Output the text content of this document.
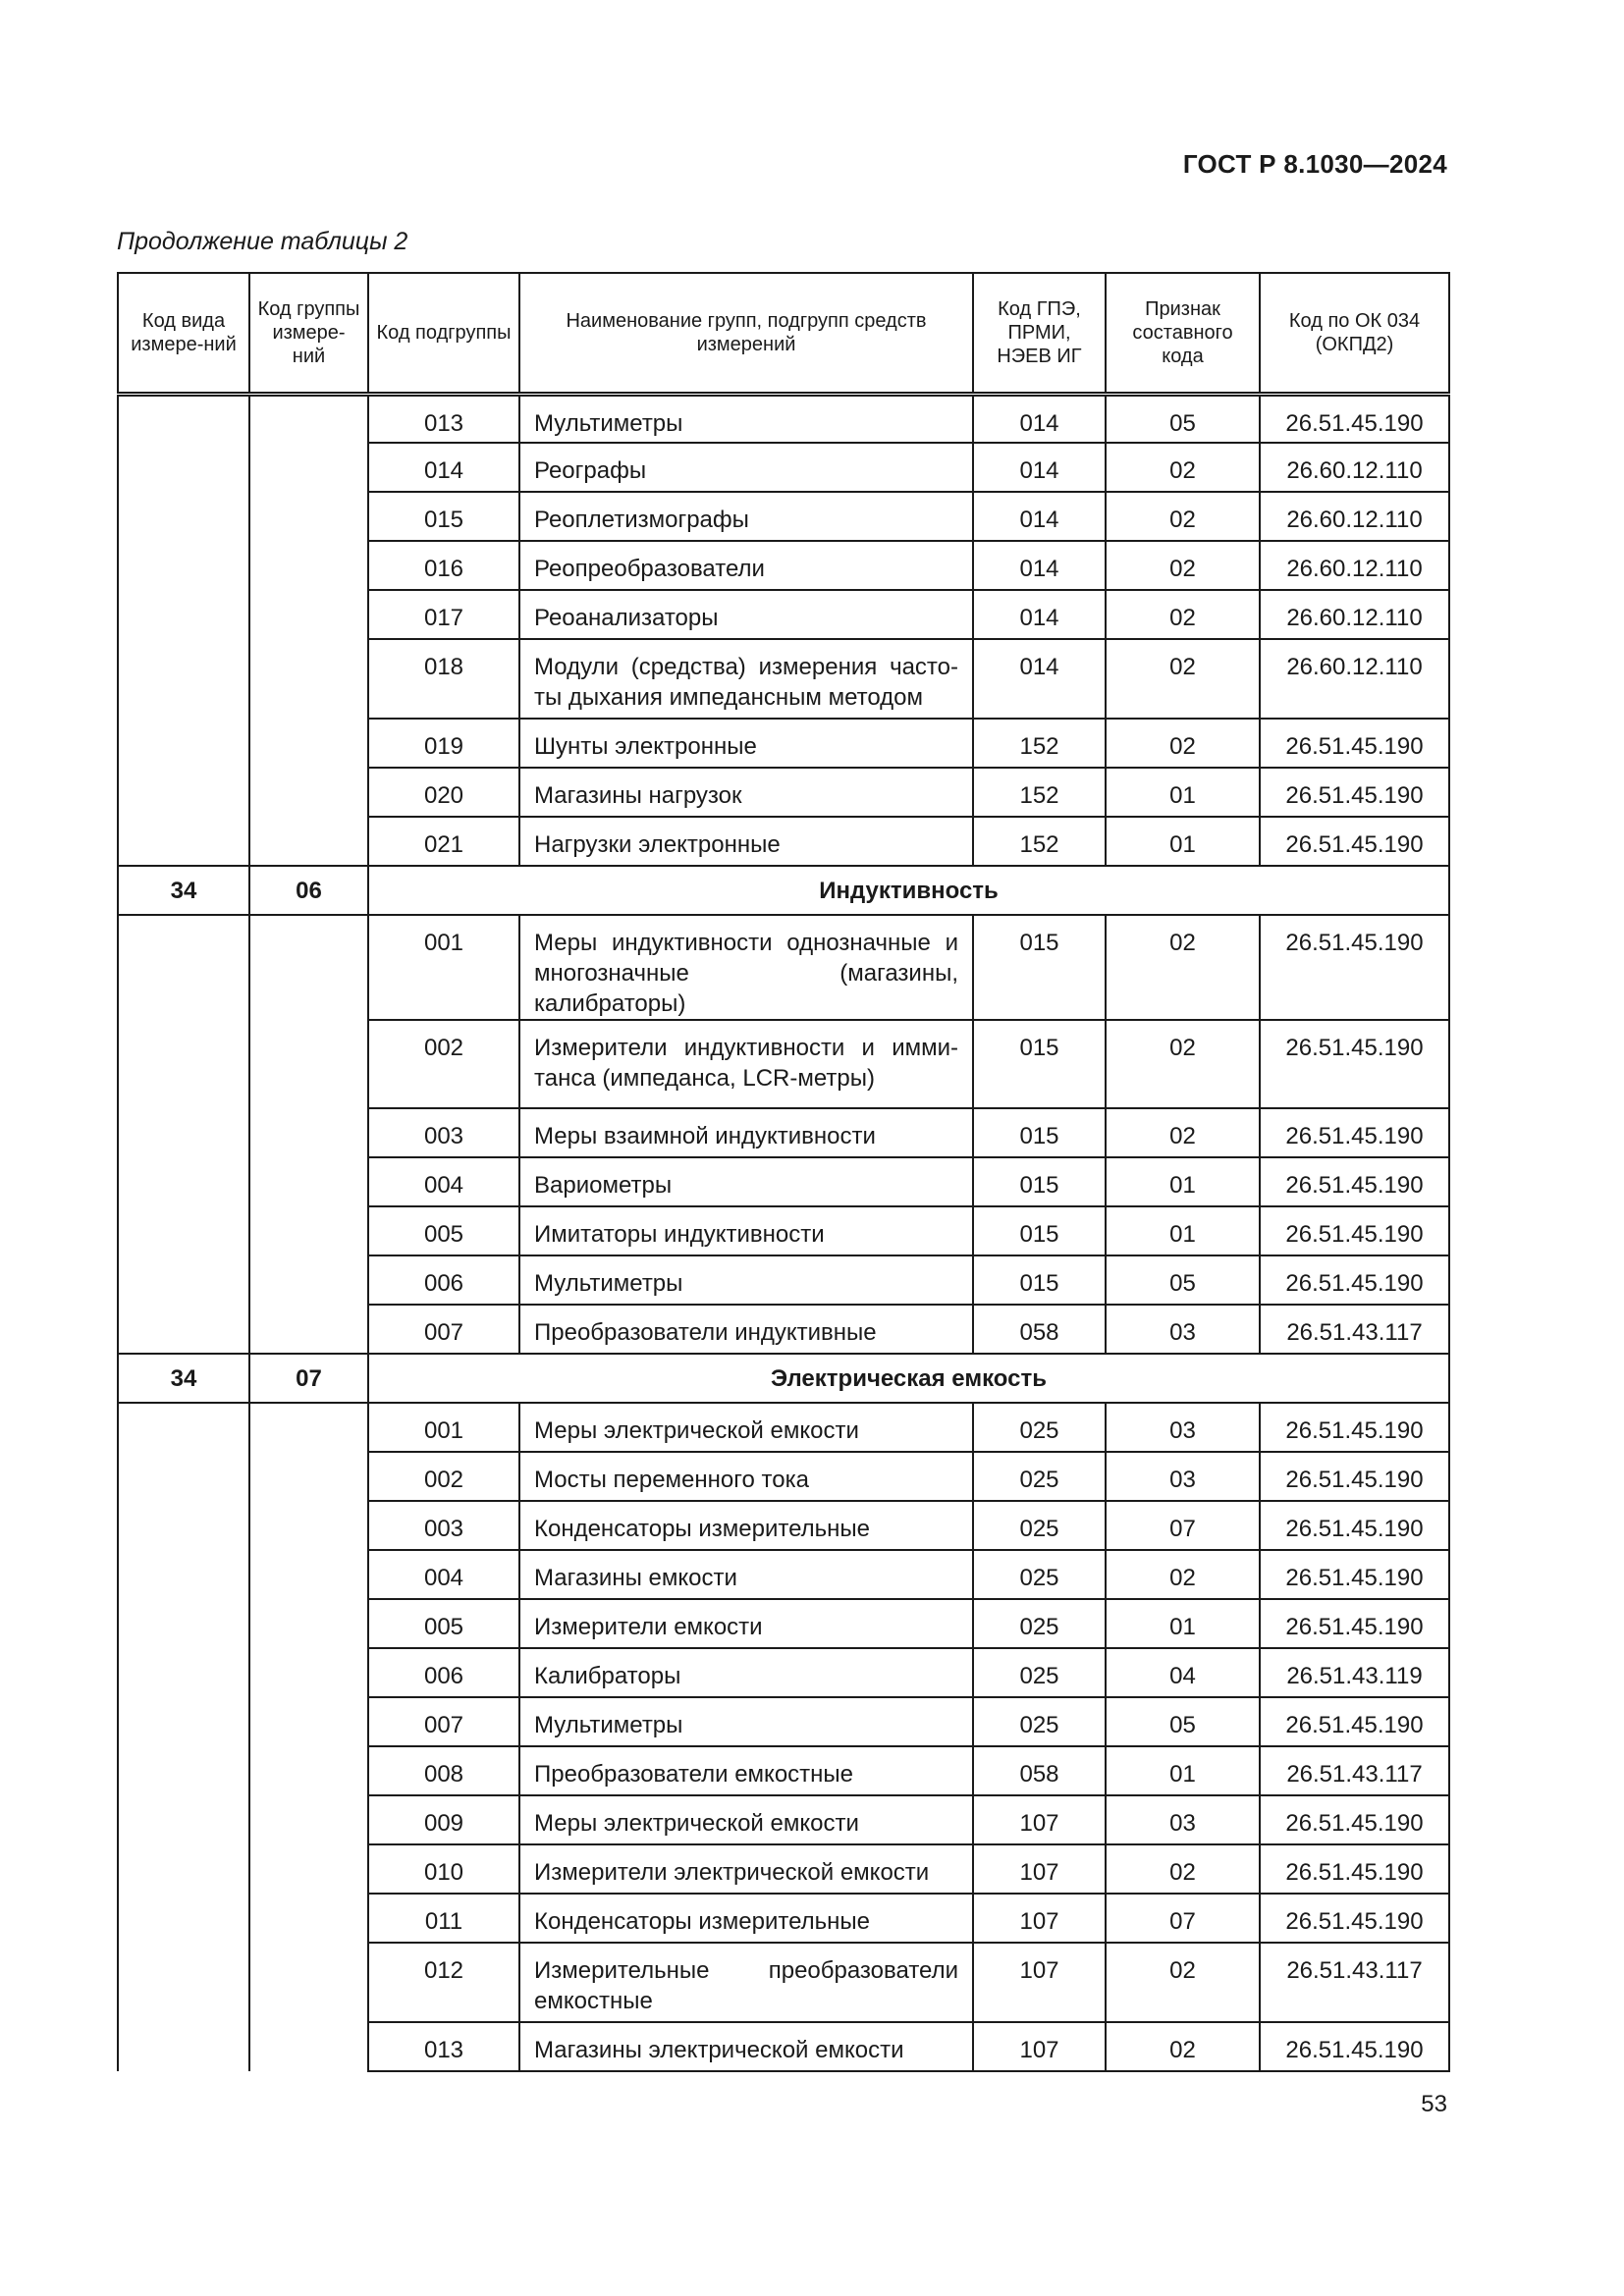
ГОСТ Р 8.1030—2024
Продолжение таблицы 2
Код вида измере-ний	Код группы измере-ний	Код подгруппы	Наименование групп, подгрупп средств измерений	Код ГПЭ, ПРМИ, НЭЕВ ИГ	Признак составного кода	Код по ОК 034 (ОКПД2)
		013	Мультиметры	014	05	26.51.45.190
		014	Реографы	014	02	26.60.12.110
		015	Реоплетизмографы	014	02	26.60.12.110
		016	Реопреобразователи	014	02	26.60.12.110
		017	Реоанализаторы	014	02	26.60.12.110
		018	Модули (средства) измерения часто-ты дыхания импедансным методом	014	02	26.60.12.110
		019	Шунты электронные	152	02	26.51.45.190
		020	Магазины нагрузок	152	01	26.51.45.190
		021	Нагрузки электронные	152	01	26.51.45.190
34	06	Индуктивность				
		001	Меры индуктивности однозначные и многозначные (магазины, калибраторы)	015	02	26.51.45.190
		002	Измерители индуктивности и имми-танса (импеданса, LCR-метры)	015	02	26.51.45.190
		003	Меры взаимной индуктивности	015	02	26.51.45.190
		004	Вариометры	015	01	26.51.45.190
		005	Имитаторы индуктивности	015	01	26.51.45.190
		006	Мультиметры	015	05	26.51.45.190
		007	Преобразователи индуктивные	058	03	26.51.43.117
34	07	Электрическая емкость				
		001	Меры электрической емкости	025	03	26.51.45.190
		002	Мосты переменного тока	025	03	26.51.45.190
		003	Конденсаторы измерительные	025	07	26.51.45.190
		004	Магазины емкости	025	02	26.51.45.190
		005	Измерители емкости	025	01	26.51.45.190
		006	Калибраторы	025	04	26.51.43.119
		007	Мультиметры	025	05	26.51.45.190
		008	Преобразователи емкостные	058	01	26.51.43.117
		009	Меры электрической емкости	107	03	26.51.45.190
		010	Измерители электрической емкости	107	02	26.51.45.190
		011	Конденсаторы измерительные	107	07	26.51.45.190
		012	Измерительные преобразователи емкостные	107	02	26.51.43.117
		013	Магазины электрической емкости	107	02	26.51.45.190
53
